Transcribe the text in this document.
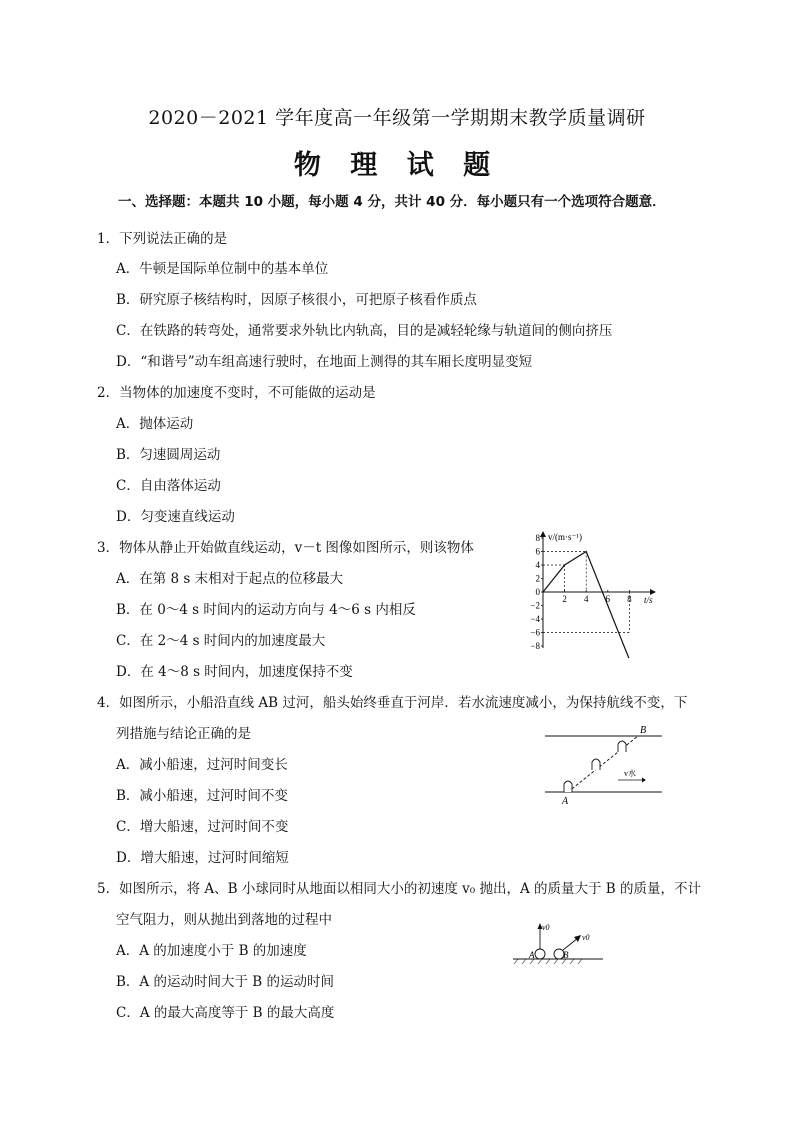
2020－2021 学年度高一年级第一学期期末教学质量调研
物 理 试 题
一、选择题：本题共 10 小题，每小题 4 分，共计 40 分．每小题只有一个选项符合题意．
1．下列说法正确的是
A．牛顿是国际单位制中的基本单位
B．研究原子核结构时，因原子核很小，可把原子核看作质点
C．在铁路的转弯处，通常要求外轨比内轨高，目的是减轻轮缘与轨道间的侧向挤压
D．“和谐号”动车组高速行驶时，在地面上测得的其车厢长度明显变短
2．当物体的加速度不变时，不可能做的运动是
A．抛体运动
B．匀速圆周运动
C．自由落体运动
D．匀变速直线运动
3．物体从静止开始做直线运动，v－t 图像如图所示，则该物体
A．在第 8 s 末相对于起点的位移最大
B．在 0～4 s 时间内的运动方向与 4～6 s 内相反
C．在 2～4 s 时间内的加速度最大
D．在 4～8 s 时间内，加速度保持不变
v/(m·s⁻¹)
t/s
8
6
4
2
0
−2
−4
−6
−8
2 4 6 8
4．如图所示，小船沿直线 AB 过河，船头始终垂直于河岸．若水流速度减小，为保持航线不变，下
列措施与结论正确的是
A．减小船速，过河时间变长
B．减小船速，过河时间不变
C．增大船速，过河时间不变
D．增大船速，过河时间缩短
B
A
v水
5．如图所示，将 A、B 小球同时从地面以相同大小的初速度 v₀ 抛出，A 的质量大于 B 的质量，不计
空气阻力，则从抛出到落地的过程中
A．A 的加速度小于 B 的加速度
B．A 的运动时间大于 B 的运动时间
C．A 的最大高度等于 B 的最大高度
A	B
v0
v0
